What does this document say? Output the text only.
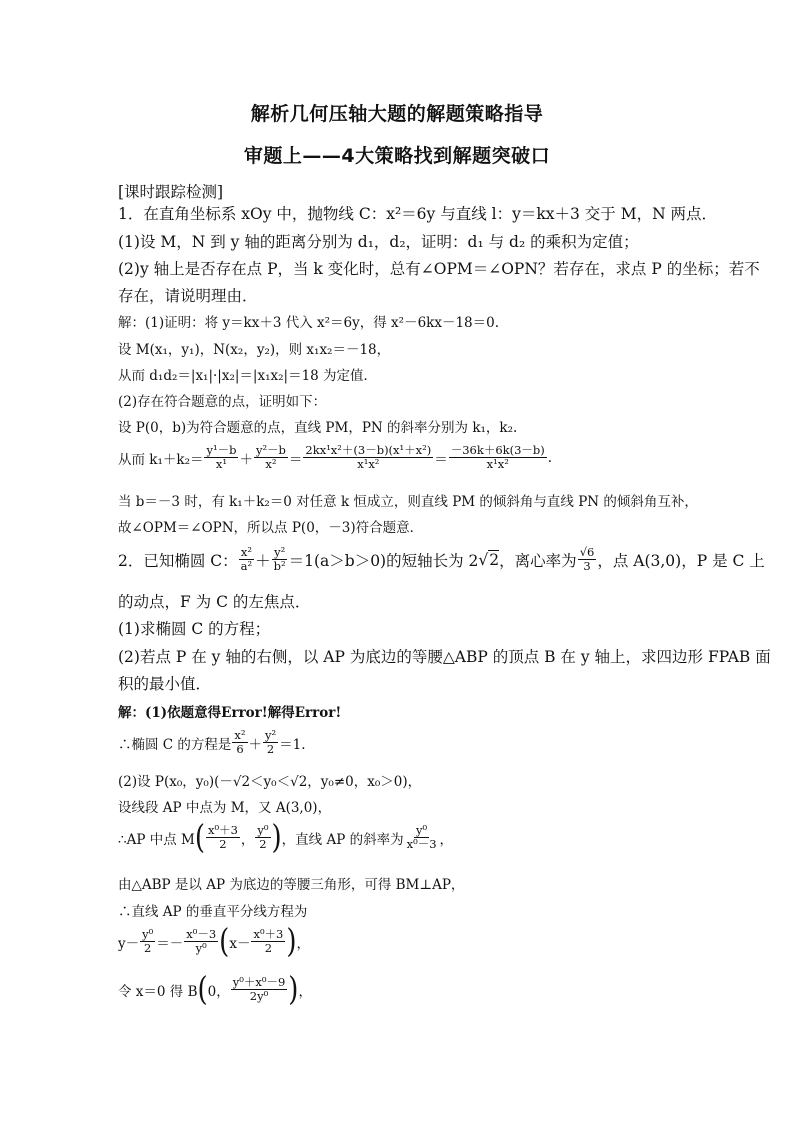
解析几何压轴大题的解题策略指导
审题上——4大策略找到解题突破口
[课时跟踪检测]
1．在直角坐标系 xOy 中，抛物线 C：x²＝6y 与直线 l：y＝kx＋3 交于 M，N 两点．
(1)设 M，N 到 y 轴的距离分别为 d₁，d₂，证明：d₁ 与 d₂ 的乘积为定值；
(2)y 轴上是否存在点 P，当 k 变化时，总有∠OPM＝∠OPN？若存在，求点 P 的坐标；若不
存在，请说明理由．
解：(1)证明：将 y＝kx＋3 代入 x²＝6y，得 x²－6kx－18＝0.
设 M(x₁，y₁)，N(x₂，y₂)，则 x₁x₂＝－18，
从而 d₁d₂＝|x₁|·|x₂|＝|x₁x₂|＝18 为定值．
(2)存在符合题意的点，证明如下：
设 P(0，b)为符合题意的点，直线 PM，PN 的斜率分别为 k₁，k₂.
从而 $k_1+k_2= \frac{\text{y¹－b}}{\text{x¹}} + \frac{\text{y²－b}}{\text{x²}} = \frac{\text{2kx¹x²＋(3－b)(x¹＋x²)}}{\text{x¹x²}} = \frac{-36k+6k(3-b)}{\text{x¹x²}}$ .
当 b＝－3 时，有 k₁＋k₂＝0 对任意 k 恒成立，则直线 PM 的倾斜角与直线 PN 的倾斜角互补，
故∠OPM＝∠OPN，所以点 P(0，－3)符合题意．
2．已知椭圆 C： $\frac{\text{x²}}{\text{a²}} + \frac{\text{y²}}{\text{b²}} =1(a>b>0)$的短轴长为 2 √2 ，离心率为 $\frac{√6}{3}$ ，点 A(3,0)，P 是 C 上
的动点，F 为 C 的左焦点．
(1)求椭圆 C 的方程；
(2)若点 P 在 y 轴的右侧，以 AP 为底边的等腰△ABP 的顶点 B 在 y 轴上，求四边形 FPAB 面
积的最小值．
解：(1)依题意得Error!解得Error!
∴椭圆 C 的方程是 $\frac{\text{x²}}{6} + \frac{\text{y²}}{2} =1$.
(2)设 P(x₀，y₀)(－√2＜y₀＜√2，y₀≠0，x₀＞0)，
设线段 AP 中点为 M，又 A(3,0)，
∴AP 中点 M ( $\frac{\text{x⁰＋3}}{2}$ ， $\frac{\text{y⁰}}{2}$ ) ，直线 AP 的斜率为 $\frac{\text{y⁰}}{\text{x⁰－3}}$ ，
由△ABP 是以 AP 为底边的等腰三角形，可得 BM⊥AP，
∴直线 AP 的垂直平分线方程为
$y- \frac{\text{y⁰}}{2} =- \frac{\text{x⁰－3}}{\text{y⁰}}$ ( $x- \frac{\text{x⁰＋3}}{2}$ ) ，
令 x＝0 得 B ( 0， $\frac{\text{y⁰＋x⁰－9}}{\text{2y⁰}}$ ) ，
